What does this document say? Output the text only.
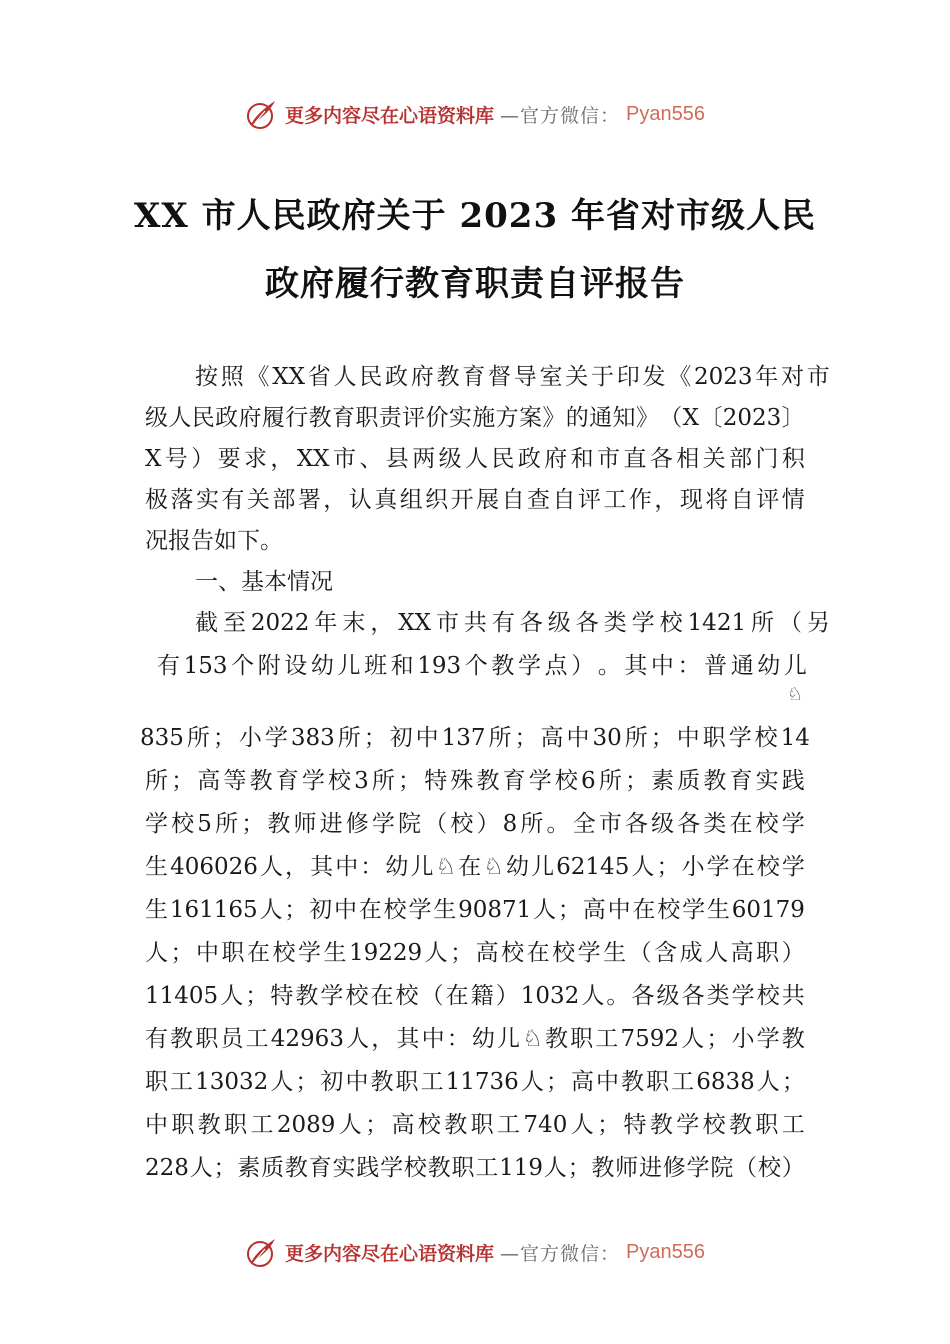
更多内容尽在心语资料库 —官方微信： Pyan556
XX 市人民政府关于 2023 年省对市级人民
政府履行教育职责自评报告
按 照 《 XX 省 人 民 政 府 教 育 督 导 室 关 于 印 发 《 2023 年 对 市
级 人 民 政 府 履 行 教 育 职 责 评 价 实 施 方 案 》 的 通 知 》 （ X 〔 2023 〕
X 号 ） 要 求 ， XX 市 、 县 两 级 人 民 政 府 和 市 直 各 相 关 部 门 积
极 落 实 有 关 部 署 ， 认 真 组 织 开 展 自 查 自 评 工 作 ， 现 将 自 评 情
况报告如下。
一、基本情况
截 至 2022 年 末 ， XX 市 共 有 各 级 各 类 学 校 1421 所 （ 另
有 153 个 附 设 幼 儿 班 和 193 个 教 学 点 ） 。 其 中 ： 普 通 幼 儿
♘
835 所 ； 小 学 383 所 ； 初 中 137 所 ； 高 中 30 所 ； 中 职 学 校 14
所 ； 高 等 教 育 学 校 3 所 ； 特 殊 教 育 学 校 6 所 ； 素 质 教 育 实 践
学 校 5 所 ； 教 师 进 修 学 院 （ 校 ） 8 所 。 全 市 各 级 各 类 在 校 学
生 406026 人 ， 其 中 ： 幼 儿 ♘ 在 ♘ 幼 儿 62145 人 ； 小 学 在 校 学
生 161165 人 ； 初 中 在 校 学 生 90871 人 ； 高 中 在 校 学 生 60179
人 ； 中 职 在 校 学 生 19229 人 ； 高 校 在 校 学 生 （ 含 成 人 高 职 ）
11405 人 ； 特 教 学 校 在 校 （ 在 籍 ） 1032 人 。 各 级 各 类 学 校 共
有 教 职 员 工 42963 人 ， 其 中 ： 幼 儿 ♘ 教 职 工 7592 人 ； 小 学 教
职 工 13032 人 ； 初 中 教 职 工 11736 人 ； 高 中 教 职 工 6838 人 ；
中 职 教 职 工 2089 人 ； 高 校 教 职 工 740 人 ； 特 教 学 校 教 职 工
228 人 ； 素 质 教 育 实 践 学 校 教 职 工 119 人 ； 教 师 进 修 学 院 （ 校 ）
更多内容尽在心语资料库 —官方微信： Pyan556
